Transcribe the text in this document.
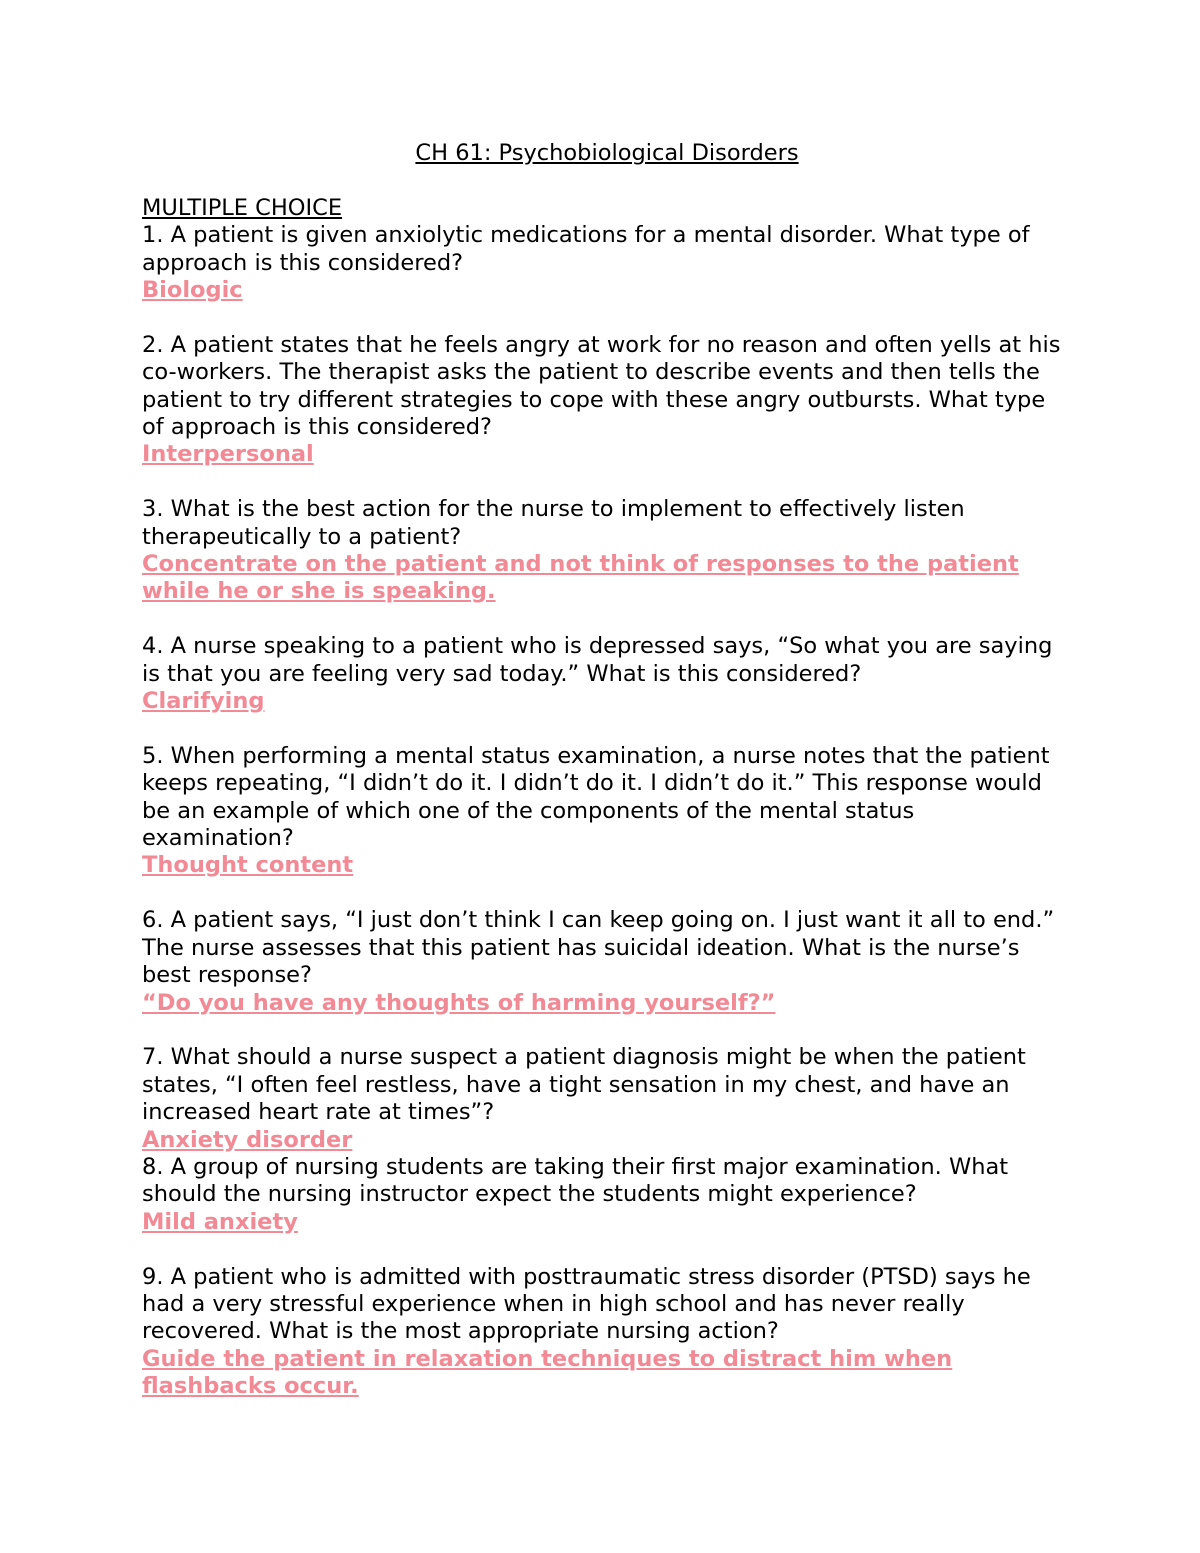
CH 61: Psychobiological Disorders

MULTIPLE CHOICE

1. A patient is given anxiolytic medications for a mental disorder. What type of approach is this considered?

Biologic

2. A patient states that he feels angry at work for no reason and often yells at his co-workers. The therapist asks the patient to describe events and then tells the patient to try different strategies to cope with these angry outbursts. What type of approach is this considered?

Interpersonal

3. What is the best action for the nurse to implement to effectively listen therapeutically to a patient?

Concentrate on the patient and not think of responses to the patient while he or she is speaking.

4. A nurse speaking to a patient who is depressed says, “So what you are saying is that you are feeling very sad today.” What is this considered?

Clarifying

5. When performing a mental status examination, a nurse notes that the patient keeps repeating, “I didn’t do it. I didn’t do it. I didn’t do it.” This response would be an example of which one of the components of the mental status examination?

Thought content

6. A patient says, “I just don’t think I can keep going on. I just want it all to end.” The nurse assesses that this patient has suicidal ideation. What is the nurse’s best response?

“Do you have any thoughts of harming yourself?”

7. What should a nurse suspect a patient diagnosis might be when the patient states, “I often feel restless, have a tight sensation in my chest, and have an increased heart rate at times”?

Anxiety disorder

8. A group of nursing students are taking their first major examination. What should the nursing instructor expect the students might experience?

Mild anxiety

9. A patient who is admitted with posttraumatic stress disorder (PTSD) says he had a very stressful experience when in high school and has never really recovered. What is the most appropriate nursing action?

Guide the patient in relaxation techniques to distract him when flashbacks occur.
